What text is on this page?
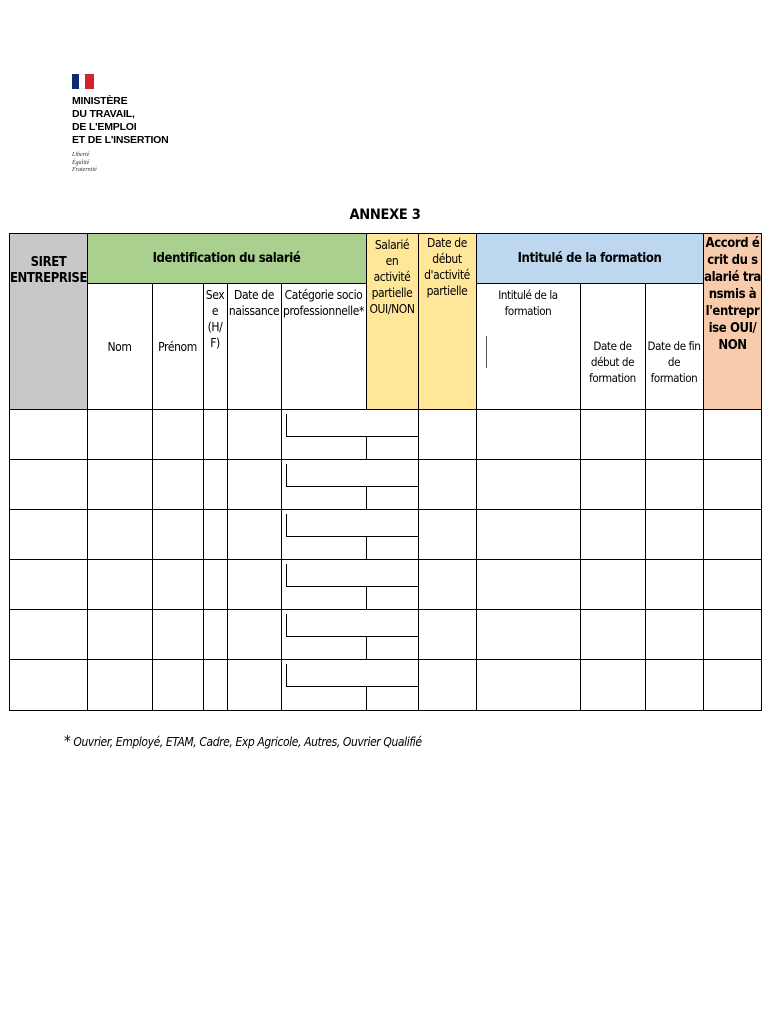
MINISTÈRE
DU TRAVAIL,
DE L'EMPLOI
ET DE L'INSERTION
Liberté
Égalité
Fraternité
ANNEXE 3
SIRET ENTREPRISE
Identification du salarié
Salarié en activité partielle OUI/NON
Date de début d'activité partielle
Intitulé de la formation
Accord écrit du salarié transmis à l'entreprise OUI/NON
Nom	Prénom
Sexe (H/F)
Date de naissance
Catégorie socioprofessionnelle*
Intitulé de la formation
Date de début de formation
Date de fin de formation
* Ouvrier, Employé, ETAM, Cadre, Exp Agricole, Autres, Ouvrier Qualifié
